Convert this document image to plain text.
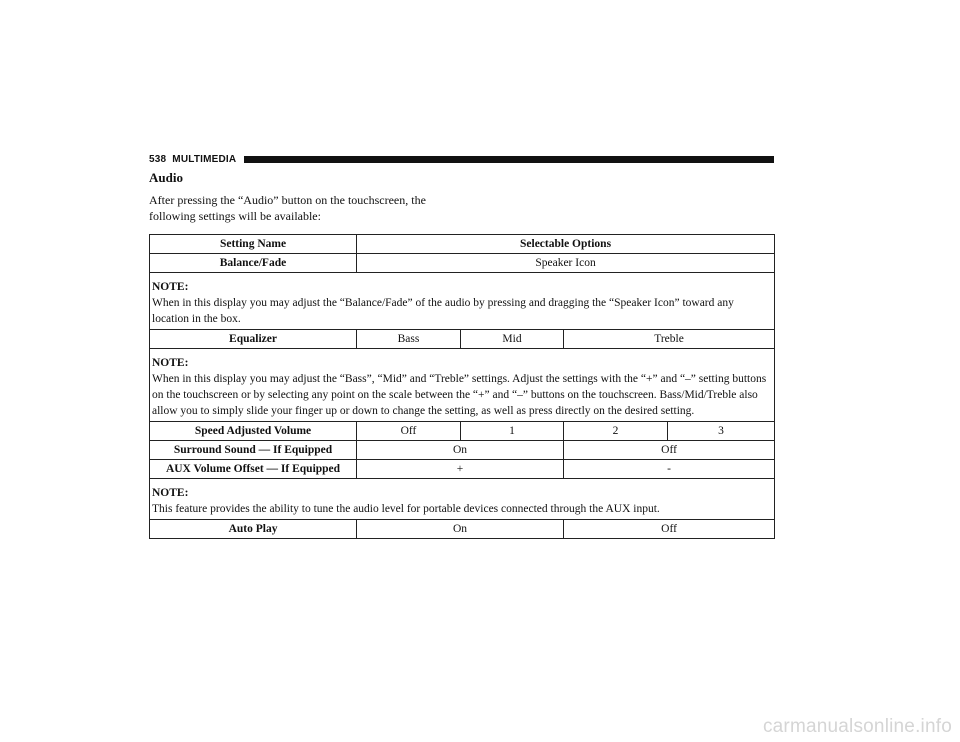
538 MULTIMEDIA
Audio
After pressing the “Audio” button on the touchscreen, the following settings will be available:
Setting Name	Selectable Options			
Balance/Fade	Speaker Icon			

NOTE:
When in this display you may adjust the “Balance/Fade” of the audio by pressing and dragging the “Speaker Icon” toward any location in the box.				

Equalizer	Bass	Mid	Treble	

NOTE:
When in this display you may adjust the “Bass”, “Mid” and “Treble” settings. Adjust the settings with the “+” and “–” setting buttons on the touchscreen or by selecting any point on the scale between the “+” and “–” buttons on the touchscreen. Bass/Mid/Treble also allow you to simply slide your finger up or down to change the setting, as well as press directly on the desired setting.				

Speed Adjusted Volume	Off	1	2	3
Surround Sound — If Equipped	On		Off	
AUX Volume Offset — If Equipped	+		-	

NOTE:
This feature provides the ability to tune the audio level for portable devices connected through the AUX input.				

Auto Play	On		Off	
carmanualsonline.info
